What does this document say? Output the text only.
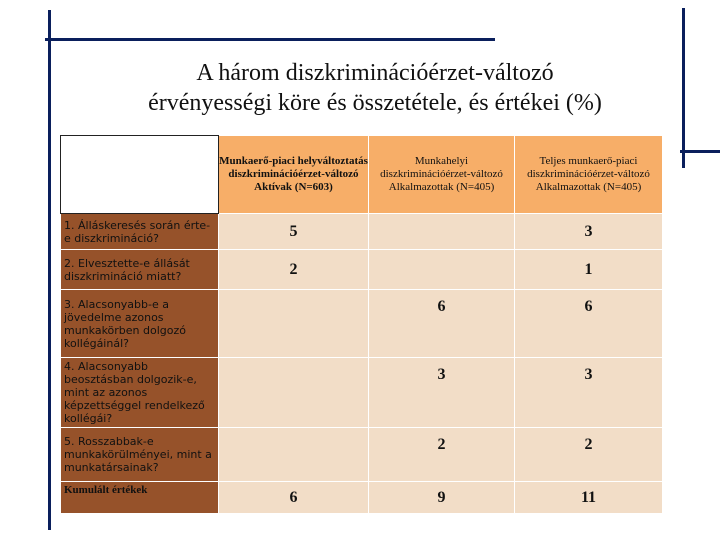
A három diszkriminációérzet-változó
érvényességi köre és összetétele, és értékei (%)
	Munkaerő-piaci helyváltoztatás diszkriminációérzet-változó Aktívak (N=603)	Munkahelyi diszkriminációérzet-változó Alkalmazottak (N=405)	Teljes munkaerő-piaci diszkriminációérzet-változó Alkalmazottak (N=405)
1. Álláskeresés során érte-e diszkrimináció?	5		3
2. Elvesztette-e állását diszkrimináció miatt?	2		1
3. Alacsonyabb-e a jövedelme azonos munkakörben dolgozó kollégáinál?		6	6
4. Alacsonyabb beosztásban dolgozik-e, mint az azonos képzettséggel rendelkező kollégái?		3	3
5. Rosszabbak-e munkakörülményei, mint a munkatársainak?		2	2
Kumulált értékek	6	9	11
